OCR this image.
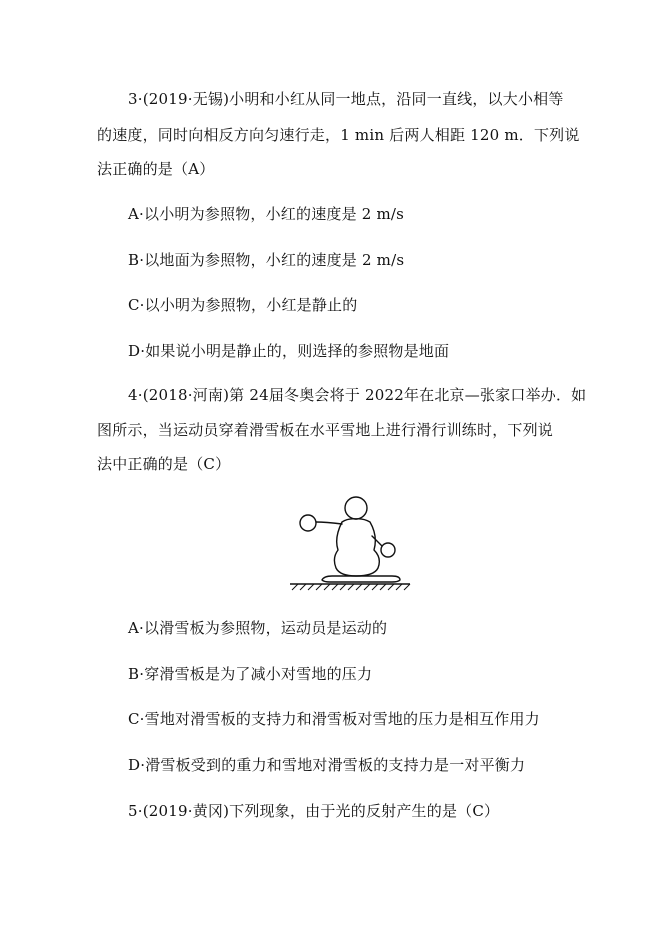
3·(2019·无锡)小明和小红从同一地点，沿同一直线，以大小相等
的速度，同时向相反方向匀速行走，1 min 后两人相距 120 m．下列说
法正确的是（A）
A·以小明为参照物，小红的速度是 2 m/s
B·以地面为参照物，小红的速度是 2 m/s
C·以小明为参照物，小红是静止的
D·如果说小明是静止的，则选择的参照物是地面
4·(2018·河南)第 24届冬奥会将于 2022年在北京—张家口举办．如
图所示，当运动员穿着滑雪板在水平雪地上进行滑行训练时，下列说
法中正确的是（C）
A·以滑雪板为参照物，运动员是运动的
B·穿滑雪板是为了减小对雪地的压力
C·雪地对滑雪板的支持力和滑雪板对雪地的压力是相互作用力
D·滑雪板受到的重力和雪地对滑雪板的支持力是一对平衡力
5·(2019·黄冈)下列现象，由于光的反射产生的是（C）
